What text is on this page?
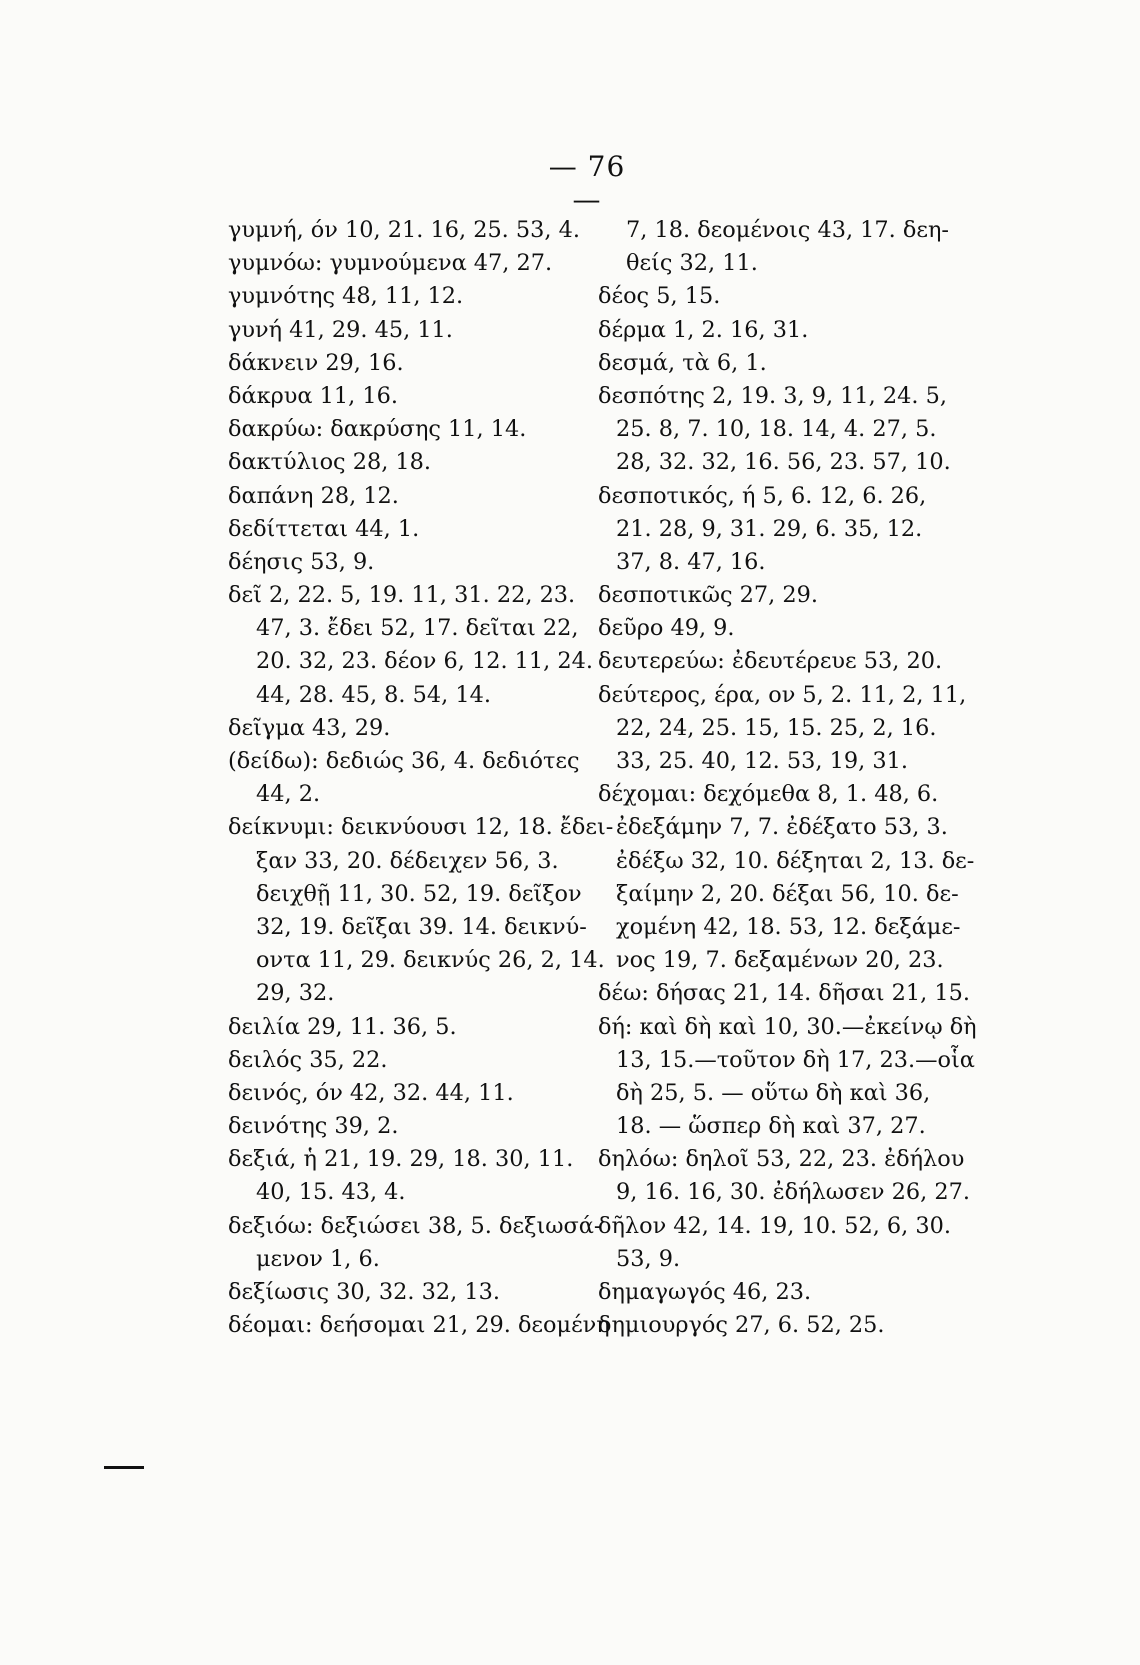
— 76 —
γυμνή, όν 10, 21. 16, 25. 53, 4.
γυμνόω: γυμνούμενα 47, 27.
γυμνότης 48, 11, 12.
γυνή 41, 29. 45, 11.
δάκνειν 29, 16.
δάκρυα 11, 16.
δακρύω: δακρύσης 11, 14.
δακτύλιος 28, 18.
δαπάνη 28, 12.
δεδίττεται 44, 1.
δέησις 53, 9.
δεῖ 2, 22. 5, 19. 11, 31. 22, 23.
47, 3. ἔδει 52, 17. δεῖται 22,
20. 32, 23. δέον 6, 12. 11, 24.
44, 28. 45, 8. 54, 14.
δεῖγμα 43, 29.
(δείδω): δεδιώς 36, 4. δεδιότες
44, 2.
δείκνυμι: δεικνύουσι 12, 18. ἔδει-
ξαν 33, 20. δέδειχεν 56, 3.
δειχθῇ 11, 30. 52, 19. δεῖξον
32, 19. δεῖξαι 39. 14. δεικνύ-
οντα 11, 29. δεικνύς 26, 2, 14.
29, 32.
δειλία 29, 11. 36, 5.
δειλός 35, 22.
δεινός, όν 42, 32. 44, 11.
δεινότης 39, 2.
δεξιά, ἡ 21, 19. 29, 18. 30, 11.
40, 15. 43, 4.
δεξιόω: δεξιώσει 38, 5. δεξιωσά-
μενον 1, 6.
δεξίωσις 30, 32. 32, 13.
δέομαι: δεήσομαι 21, 29. δεομένη
7, 18. δεομένοις 43, 17. δεη-
θείς 32, 11.
δέος 5, 15.
δέρμα 1, 2. 16, 31.
δεσμά, τὰ 6, 1.
δεσπότης 2, 19. 3, 9, 11, 24. 5,
25. 8, 7. 10, 18. 14, 4. 27, 5.
28, 32. 32, 16. 56, 23. 57, 10.
δεσποτικός, ή 5, 6. 12, 6. 26,
21. 28, 9, 31. 29, 6. 35, 12.
37, 8. 47, 16.
δεσποτικῶς 27, 29.
δεῦρο 49, 9.
δευτερεύω: ἐδευτέρευε 53, 20.
δεύτερος, έρα, ον 5, 2. 11, 2, 11,
22, 24, 25. 15, 15. 25, 2, 16.
33, 25. 40, 12. 53, 19, 31.
δέχομαι: δεχόμεθα 8, 1. 48, 6.
ἐδεξάμην 7, 7. ἐδέξατο 53, 3.
ἐδέξω 32, 10. δέξηται 2, 13. δε-
ξαίμην 2, 20. δέξαι 56, 10. δε-
χομένη 42, 18. 53, 12. δεξάμε-
νος 19, 7. δεξαμένων 20, 23.
δέω: δήσας 21, 14. δῆσαι 21, 15.
δή: καὶ δὴ καὶ 10, 30.—ἐκείνῳ δὴ
13, 15.—τοῦτον δὴ 17, 23.—οἷα
δὴ 25, 5. — οὕτω δὴ καὶ 36,
18. — ὥσπερ δὴ καὶ 37, 27.
δηλόω: δηλοῖ 53, 22, 23. ἐδήλου
9, 16. 16, 30. ἐδήλωσεν 26, 27.
δῆλον 42, 14. 19, 10. 52, 6, 30.
53, 9.
δημαγωγός 46, 23.
δημιουργός 27, 6. 52, 25.
